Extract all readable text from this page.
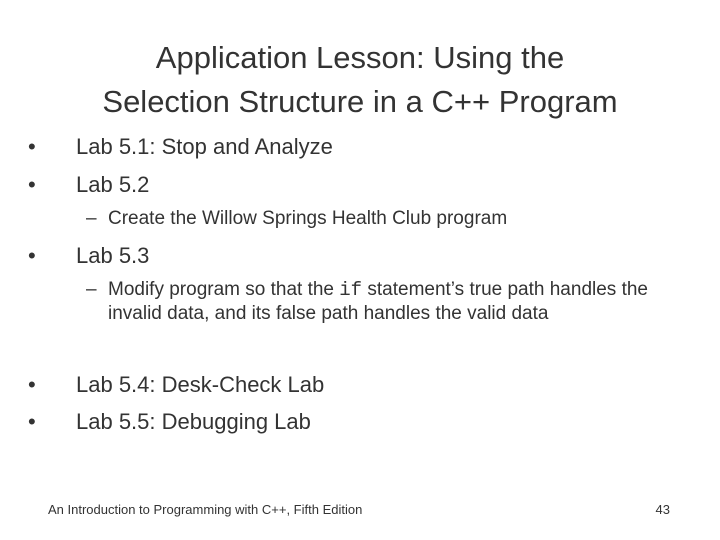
Application Lesson: Using the
Selection Structure in a C++ Program
• Lab 5.1: Stop and Analyze
• Lab 5.2
– Create the Willow Springs Health Club program
• Lab 5.3
– Modify program so that the if statement’s true path handles the invalid data, and its false path handles the valid data
• Lab 5.4: Desk-Check Lab
• Lab 5.5: Debugging Lab
An Introduction to Programming with C++, Fifth Edition	43
